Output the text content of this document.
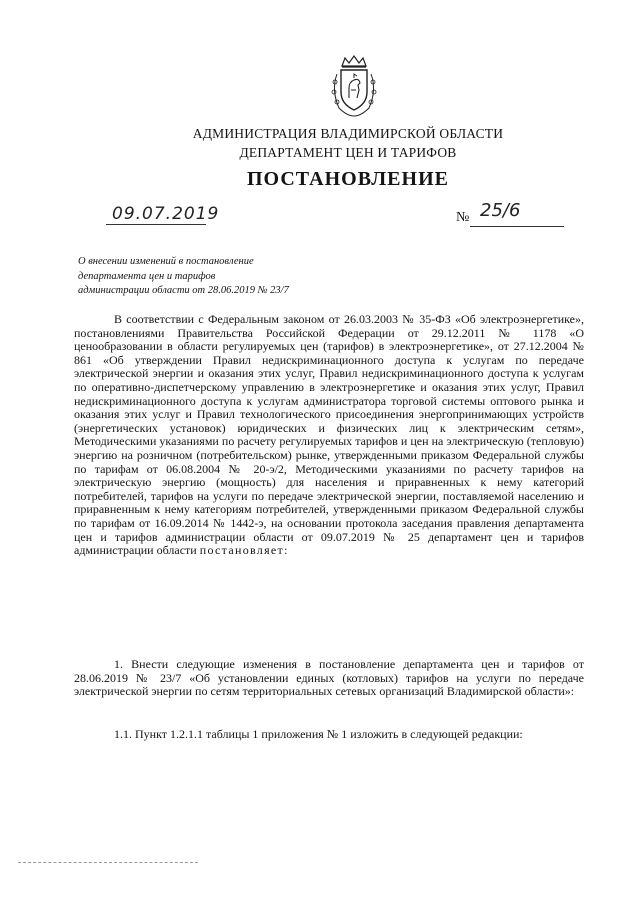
АДМИНИСТРАЦИЯ ВЛАДИМИРСКОЙ ОБЛАСТИ
ДЕПАРТАМЕНТ ЦЕН И ТАРИФОВ
ПОСТАНОВЛЕНИЕ
09.07.2019	№ 25/6
О внесении изменений в постановление
департамента цен и тарифов
администрации области от 28.06.2019 № 23/7
В соответствии с Федеральным законом от 26.03.2003 № 35-ФЗ «Об электроэнергетике», постановлениями Правительства Российской Федерации от 29.12.2011 № 1178 «О ценообразовании в области регулируемых цен (тарифов) в электроэнергетике», от 27.12.2004 № 861 «Об утверждении Правил недискриминационного доступа к услугам по передаче электрической энергии и оказания этих услуг, Правил недискриминационного доступа к услугам по оперативно-диспетчерскому управлению в электроэнергетике и оказания этих услуг, Правил недискриминационного доступа к услугам администратора торговой системы оптового рынка и оказания этих услуг и Правил технологического присоединения энергопринимающих устройств (энергетических установок) юридических и физических лиц к электрическим сетям», Методическими указаниями по расчету регулируемых тарифов и цен на электрическую (тепловую) энергию на розничном (потребительском) рынке, утвержденными приказом Федеральной службы по тарифам от 06.08.2004 № 20-э/2, Методическими указаниями по расчету тарифов на электрическую энергию (мощность) для населения и приравненных к нему категорий потребителей, тарифов на услуги по передаче электрической энергии, поставляемой населению и приравненным к нему категориям потребителей, утвержденными приказом Федеральной службы по тарифам от 16.09.2014 № 1442-э, на основании протокола заседания правления департамента цен и тарифов администрации области от 09.07.2019 № 25 департамент цен и тарифов администрации области постановляет:
1. Внести следующие изменения в постановление департамента цен и тарифов от 28.06.2019 № 23/7 «Об установлении единых (котловых) тарифов на услуги по передаче электрической энергии по сетям территориальных сетевых организаций Владимирской области»:
1.1. Пункт 1.2.1.1 таблицы 1 приложения № 1 изложить в следующей редакции:
